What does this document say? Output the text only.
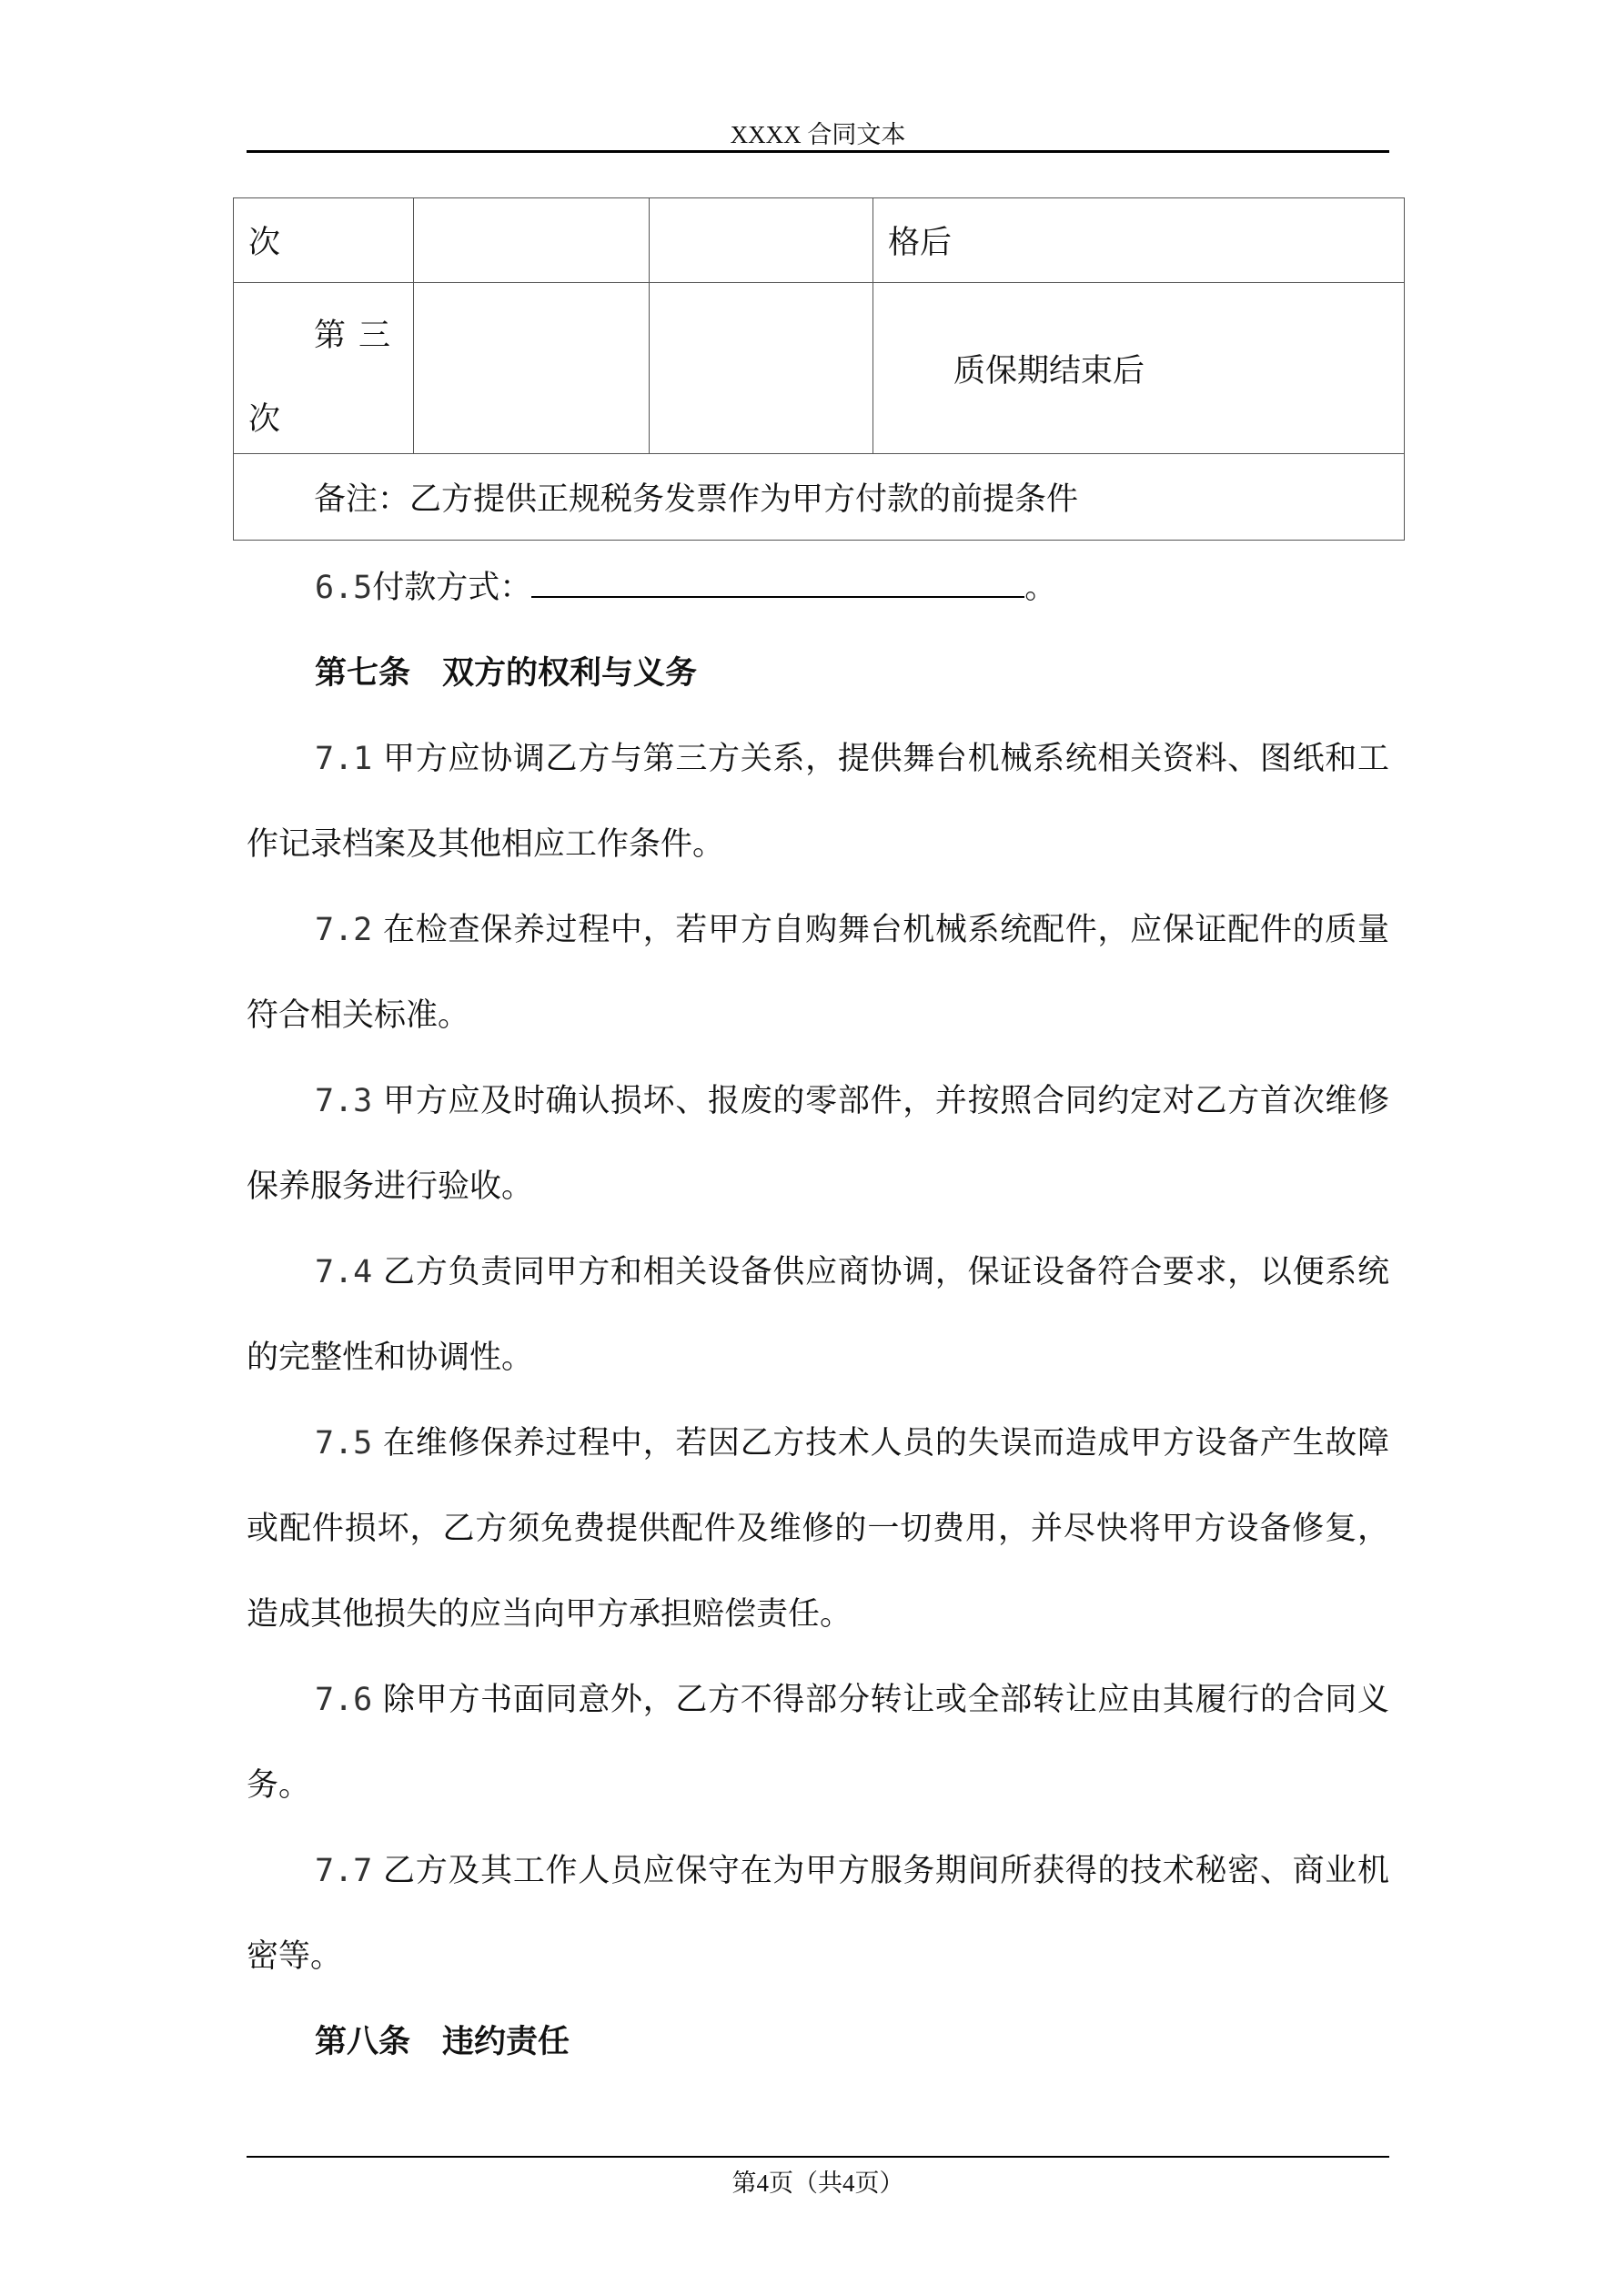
XXXX 合同文本
次			格后

第三
次			质保期结束后
备注：乙方提供正规税务发票作为甲方付款的前提条件			

6.5付款方式：	。

第七条　双方的权利与义务

7.1 甲方应协调乙方与第三方关系，提供舞台机械系统相关资料、图纸和工作记录档案及其他相应工作条件。

7.2 在检查保养过程中，若甲方自购舞台机械系统配件，应保证配件的质量符合相关标准。

7.3 甲方应及时确认损坏、报废的零部件，并按照合同约定对乙方首次维修保养服务进行验收。

7.4 乙方负责同甲方和相关设备供应商协调，保证设备符合要求，以便系统的完整性和协调性。

7.5 在维修保养过程中，若因乙方技术人员的失误而造成甲方设备产生故障或配件损坏，乙方须免费提供配件及维修的一切费用，并尽快将甲方设备修复，造成其他损失的应当向甲方承担赔偿责任。

7.6 除甲方书面同意外，乙方不得部分转让或全部转让应由其履行的合同义务。

7.7 乙方及其工作人员应保守在为甲方服务期间所获得的技术秘密、商业机密等。

第八条　违约责任

第4页（共4页）
